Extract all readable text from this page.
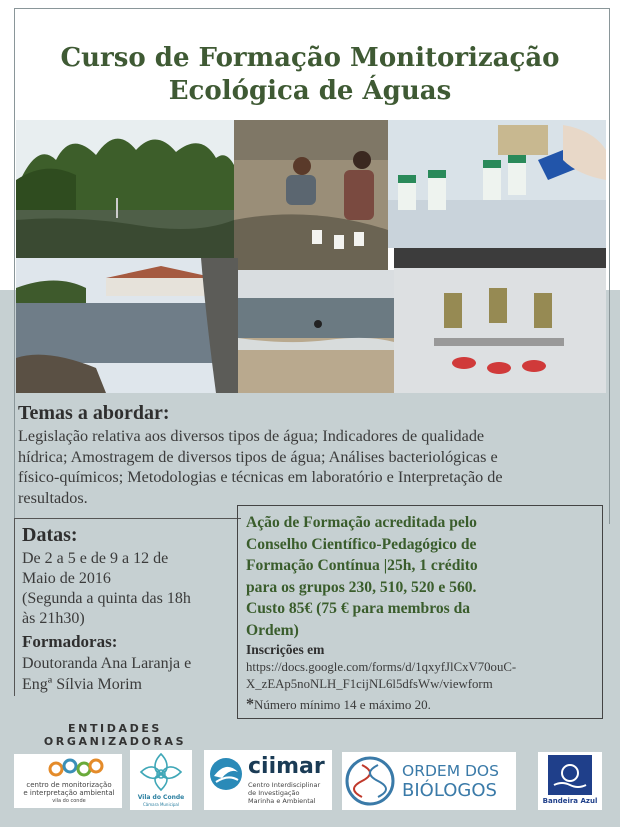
Curso de Formação Monitorização
Ecológica de Águas
Temas a abordar:
Legislação relativa aos diversos tipos de água; Indicadores de qualidade
hídrica; Amostragem de diversos tipos de água; Análises bacteriológicas e
físico-químicos; Metodologias e técnicas em laboratório e Interpretação de
resultados.
Datas:
De 2 a 5 e de 9 a 12 de
Maio de 2016
(Segunda a quinta das 18h
às 21h30)
Formadoras:
Doutoranda Ana Laranja e
Engª Sílvia Morim
Ação de Formação acreditada pelo
Conselho Científico-Pedagógico de
Formação Contínua |25h, 1 crédito
para os grupos 230, 510, 520 e 560.
Custo 85€ (75 € para membros da
Ordem)
Inscrições em
https://docs.google.com/forms/d/1qxyfJlCxV70ouC-
X_zEAp5noNLH_F1cijNL6l5dfsWw/viewform
*Número mínimo 14 e máximo 20.
ENTIDADES
ORGANIZADORAS
centro de monitorização
e interpretação ambiental
vila do conde	Vila do Conde
Câmara Municipal
ciimar
Centro Interdisciplinar
de Investigação
Marinha e Ambiental
ORDEM DOS
BIÓLOGOS	Bandeira Azul
